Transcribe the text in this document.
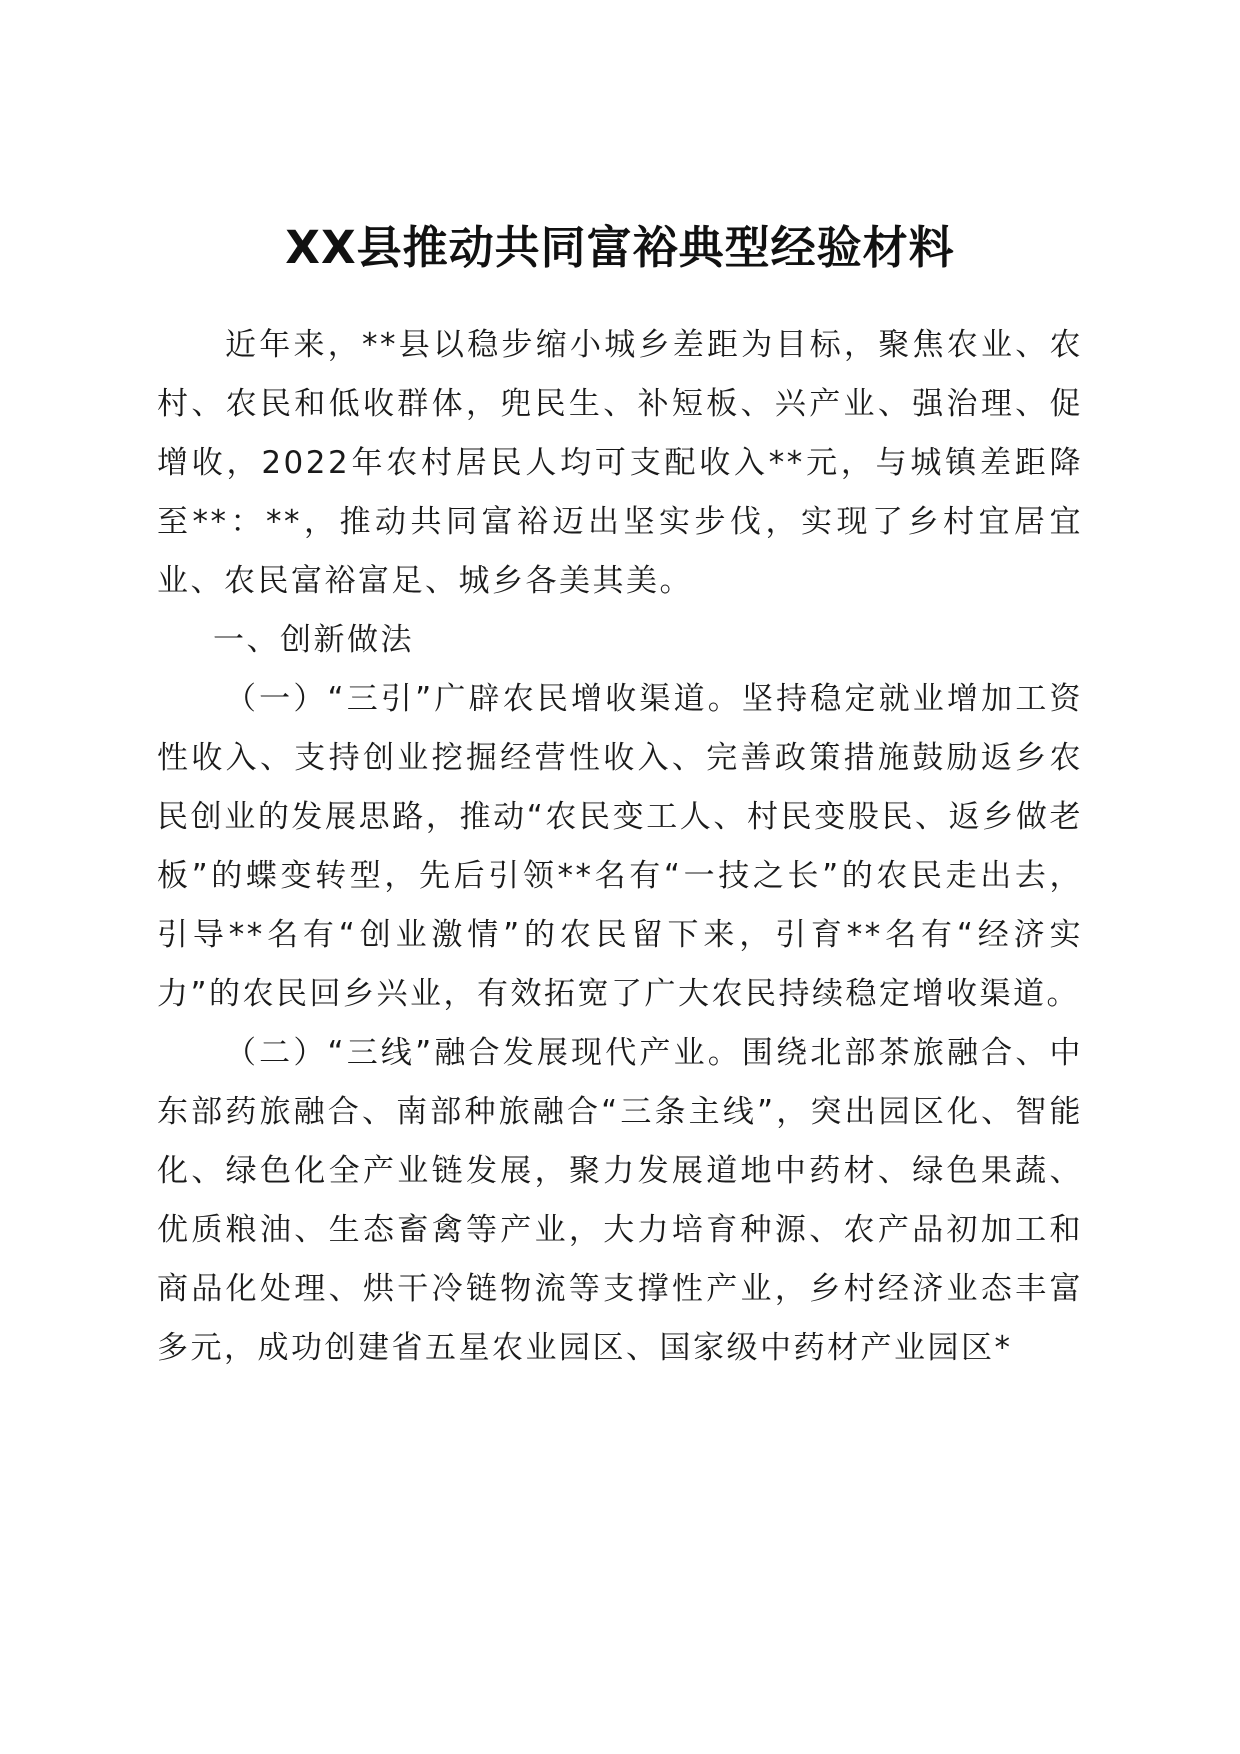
XX县推动共同富裕典型经验材料

近年来，**县以稳步缩小城乡差距为目标，聚焦农业、农村、农民和低收群体，兜民生、补短板、兴产业、强治理、促增收，2022年农村居民人均可支配收入**元，与城镇差距降至**：**，推动共同富裕迈出坚实步伐，实现了乡村宜居宜业、农民富裕富足、城乡各美其美。

一、创新做法

（一）“三引”广辟农民增收渠道。坚持稳定就业增加工资性收入、支持创业挖掘经营性收入、完善政策措施鼓励返乡农民创业的发展思路，推动“农民变工人、村民变股民、返乡做老板”的蝶变转型，先后引领**名有“一技之长”的农民走出去，引导**名有“创业激情”的农民留下来，引育**名有“经济实力”的农民回乡兴业，有效拓宽了广大农民持续稳定增收渠道。

（二）“三线”融合发展现代产业。围绕北部茶旅融合、中东部药旅融合、南部种旅融合“三条主线”，突出园区化、智能化、绿色化全产业链发展，聚力发展道地中药材、绿色果蔬、优质粮油、生态畜禽等产业，大力培育种源、农产品初加工和商品化处理、烘干冷链物流等支撑性产业，乡村经济业态丰富多元，成功创建省五星农业园区、国家级中药材产业园区*
